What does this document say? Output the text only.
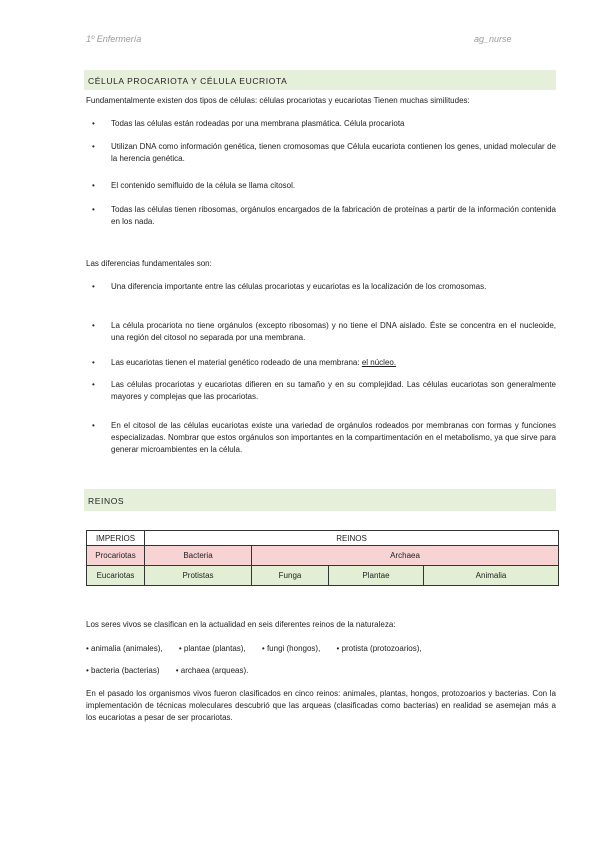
1º Enfermería	ag_nurse
CÉLULA PROCARIOTA Y CÉLULA EUCRIOTA
Fundamentalmente existen dos tipos de células: células procariotas y eucariotas Tienen muchas similitudes:
• Todas las células están rodeadas por una membrana plasmática. Célula procariota
• Utilizan DNA como información genética, tienen cromosomas que Célula eucariota contienen los genes, unidad molecular de la herencia genética.
• El contenido semifluido de la célula se llama citosol.
• Todas las células tienen ribosomas, orgánulos encargados de la fabricación de proteínas a partir de la información contenida en los nada.
Las diferencias fundamentales son:
• Una diferencia importante entre las células procariotas y eucariotas es la localización de los cromosomas.
• La célula procariota no tiene orgánulos (excepto ribosomas) y no tiene el DNA aislado. Éste se concentra en el nucleoide, una región del citosol no separada por una membrana.
• Las eucariotas tienen el material genético rodeado de una membrana: el núcleo.
• Las células procariotas y eucariotas difieren en su tamaño y en su complejidad. Las células eucariotas son generalmente mayores y complejas que las procariotas.
• En el citosol de las células eucariotas existe una variedad de orgánulos rodeados por membranas con formas y funciones especializadas. Nombrar que estos orgánulos son importantes en la compartimentación en el metabolismo, ya que sirve para generar microambientes en la célula.
REINOS
IMPERIOS	REINOS			
Procariotas	Bacteria	Archaea		
Eucariotas	Protistas	Funga	Plantae	Animalia
Los seres vivos se clasifican en la actualidad en seis diferentes reinos de la naturaleza:
• animalia (animales), • plantae (plantas), • fungi (hongos), • protista (protozoarios),
• bacteria (bacterias) • archaea (arqueas).
En el pasado los organismos vivos fueron clasificados en cinco reinos: animales, plantas, hongos, protozoarios y bacterias. Con la implementación de técnicas moleculares descubrió que las arqueas (clasificadas como bacterias) en realidad se asemejan más a los eucariotas a pesar de ser procariotas.
